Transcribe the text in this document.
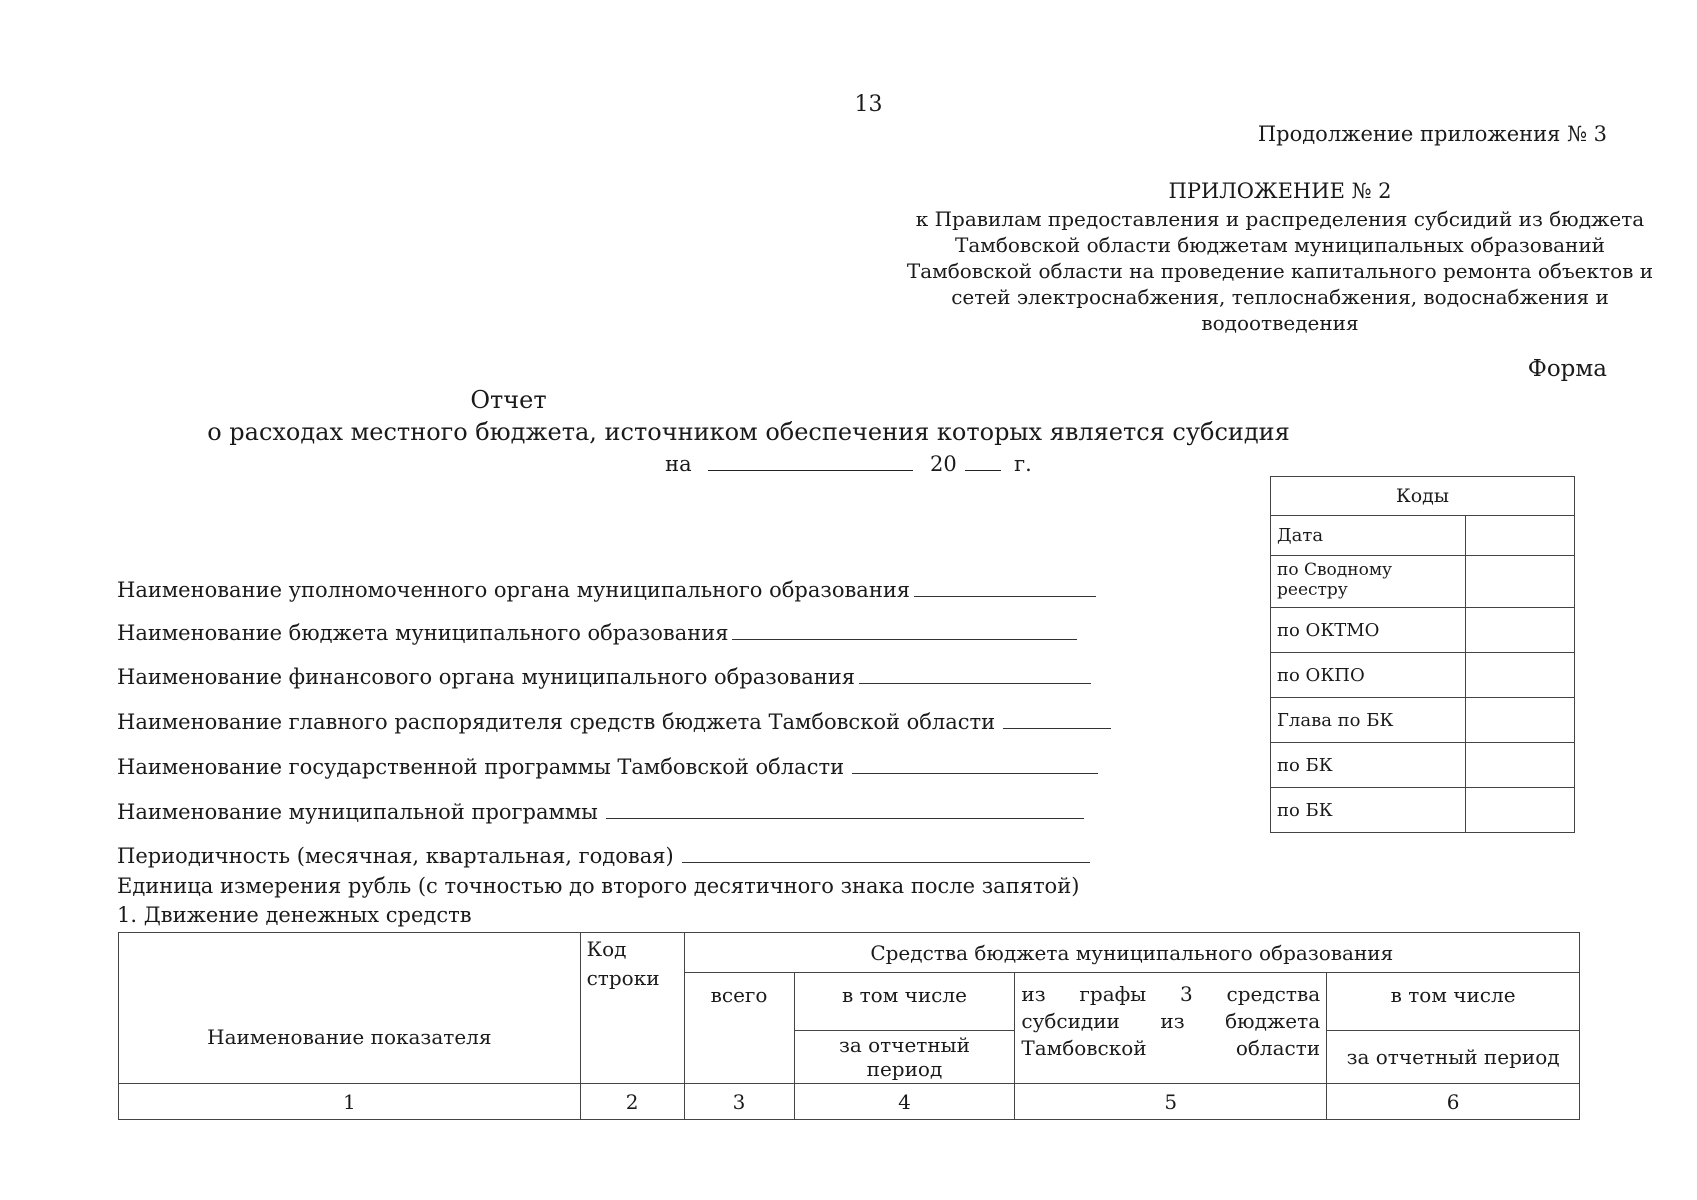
13
Продолжение приложения № 3
ПРИЛОЖЕНИЕ № 2
к Правилам предоставления и распределения субсидий из бюджета
Тамбовской области бюджетам муниципальных образований
Тамбовской области на проведение капитального ремонта объектов и
сетей электроснабжения, теплоснабжения, водоснабжения и
водоотведения
Форма
Отчет
о расходах местного бюджета, источником обеспечения которых является субсидия
на	20	г.
Коды	
Дата	
по Сводному реестру	
по ОКТМО	
по ОКПО	
Глава по БК	
по БК	
по БК	
Наименование уполномоченного органа муниципального образования
Наименование бюджета муниципального образования
Наименование финансового органа муниципального образования
Наименование главного распорядителя средств бюджета Тамбовской области
Наименование государственной программы Тамбовской области
Наименование муниципальной программы
Периодичность (месячная, квартальная, годовая)
Единица измерения рубль (с точностью до второго десятичного знака после запятой)
1. Движение денежных средств
Наименование показателя	Код строки	Средства бюджета муниципального образования			
		всего	в том числе	из графы 3 средства субсидии из бюджета Тамбовской области	в том числе
			за отчетный период		за отчетный период
1	2	3	4	5	6
